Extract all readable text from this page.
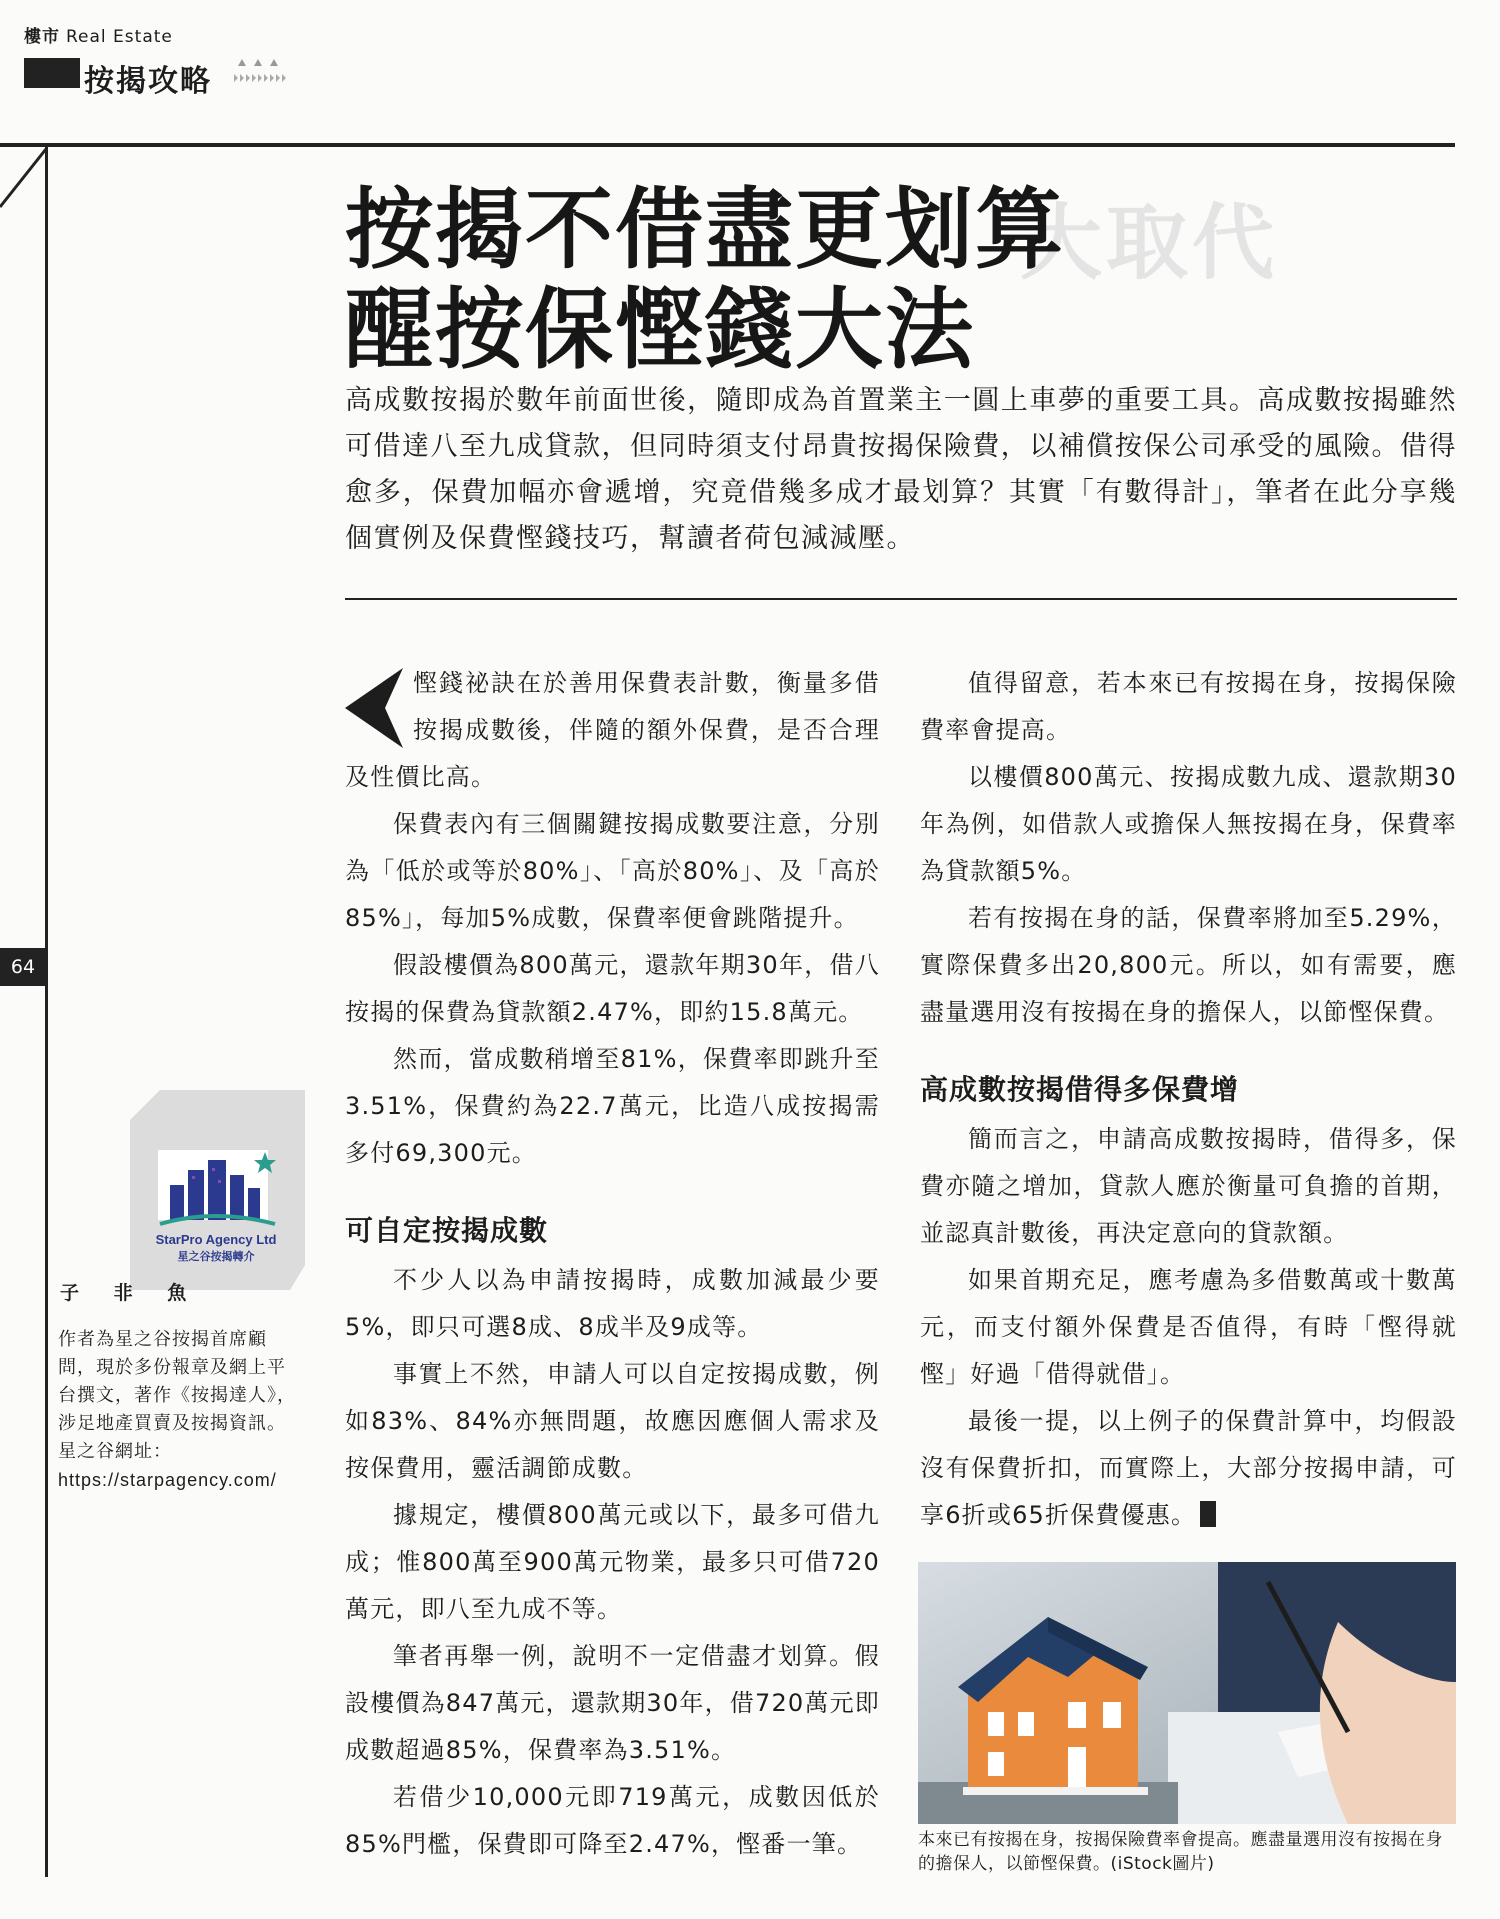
樓市 Real Estate
按揭攻略
64
大取代
按揭不借盡更划算
醒按保慳錢大法
高成數按揭於數年前面世後，隨即成為首置業主一圓上車夢的重要工具。高成數按揭雖然可借達八至九成貸款，但同時須支付昂貴按揭保險費，以補償按保公司承受的風險。借得愈多，保費加幅亦會遞增，究竟借幾多成才最划算？其實「有數得計」，筆者在此分享幾個實例及保費慳錢技巧，幫讀者荷包減減壓。

慳錢祕訣在於善用保費表計數，衡量多借按揭成數後，伴隨的額外保費，是否合理及性價比高。

保費表內有三個關鍵按揭成數要注意，分別為「低於或等於80%」、「高於80%」、及「高於85%」，每加5%成數，保費率便會跳階提升。

假設樓價為800萬元，還款年期30年，借八按揭的保費為貸款額2.47%，即約15.8萬元。

然而，當成數稍增至81%，保費率即跳升至3.51%，保費約為22.7萬元，比造八成按揭需多付69,300元。

可自定按揭成數

不少人以為申請按揭時，成數加減最少要5%，即只可選8成、8成半及9成等。

事實上不然，申請人可以自定按揭成數，例如83%、84%亦無問題，故應因應個人需求及按保費用，靈活調節成數。

據規定，樓價800萬元或以下，最多可借九成；惟800萬至900萬元物業，最多只可借720萬元，即八至九成不等。

筆者再舉一例，說明不一定借盡才划算。假設樓價為847萬元，還款期30年，借720萬元即成數超過85%，保費率為3.51%。

若借少10,000元即719萬元，成數因低於85%門檻，保費即可降至2.47%，慳番一筆。

值得留意，若本來已有按揭在身，按揭保險費率會提高。

以樓價800萬元、按揭成數九成、還款期30年為例，如借款人或擔保人無按揭在身，保費率為貸款額5%。

若有按揭在身的話，保費率將加至5.29%，實際保費多出20,800元。所以，如有需要，應盡量選用沒有按揭在身的擔保人，以節慳保費。

高成數按揭借得多保費增

簡而言之，申請高成數按揭時，借得多，保費亦隨之增加，貸款人應於衡量可負擔的首期，並認真計數後，再決定意向的貸款額。

如果首期充足，應考慮為多借數萬或十數萬元，而支付額外保費是否值得，有時「慳得就慳」好過「借得就借」。

最後一提，以上例子的保費計算中，均假設沒有保費折扣，而實際上，大部分按揭申請，可享6折或65折保費優惠。

StarPro Agency Ltd
星之谷按揭轉介
子 非 魚
作者為星之谷按揭首席顧問，現於多份報章及網上平台撰文，著作《按揭達人》，涉足地產買賣及按揭資訊。
星之谷網址：
https://starpagency.com/
本來已有按揭在身，按揭保險費率會提高。應盡量選用沒有按揭在身的擔保人，以節慳保費。(iStock圖片)
